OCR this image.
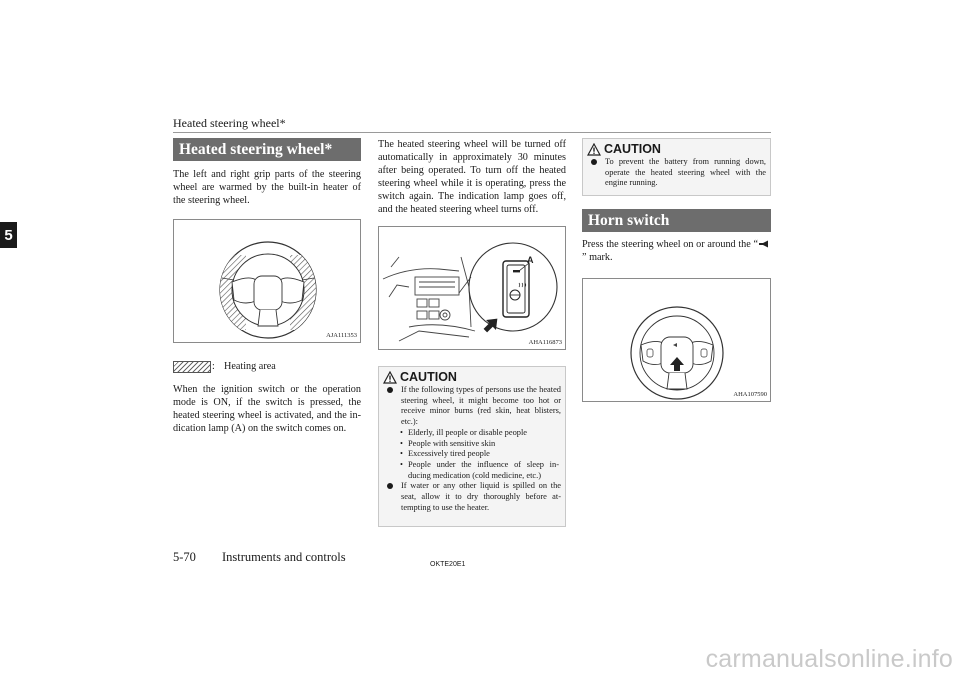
Heated steering wheel*
5
Heated steering wheel*
The left and right grip parts of the steering wheel are warmed by the built-in heater of the steering wheel.
AJA111353
: Heating area
When the ignition switch or the operation mode is ON, if the switch is pressed, the heated steering wheel is activated, and the in-dication lamp (A) on the switch comes on.
The heated steering wheel will be turned off automatically in approximately 30 minutes after being operated. To turn off the heated steering wheel while it is operating, press the switch again. The indication lamp goes off, and the heated steering wheel turns off.
A
AHA116873
CAUTION
If the following types of persons use the heated steering wheel, it might become too hot or receive minor burns (red skin, heat blisters, etc.):
• Elderly, ill people or disable people
• People with sensitive skin
• Excessively tired people
• People under the influence of sleep in-ducing medication (cold medicine, etc.)
If water or any other liquid is spilled on the seat, allow it to dry thoroughly before at-tempting to use the heater.
CAUTION
To prevent the battery from running down, operate the heated steering wheel with the engine running.
Horn switch
Press the steering wheel on or around the “” mark.
AHA107590
5-70 Instruments and controls
OKTE20E1
carmanualsonline.info
